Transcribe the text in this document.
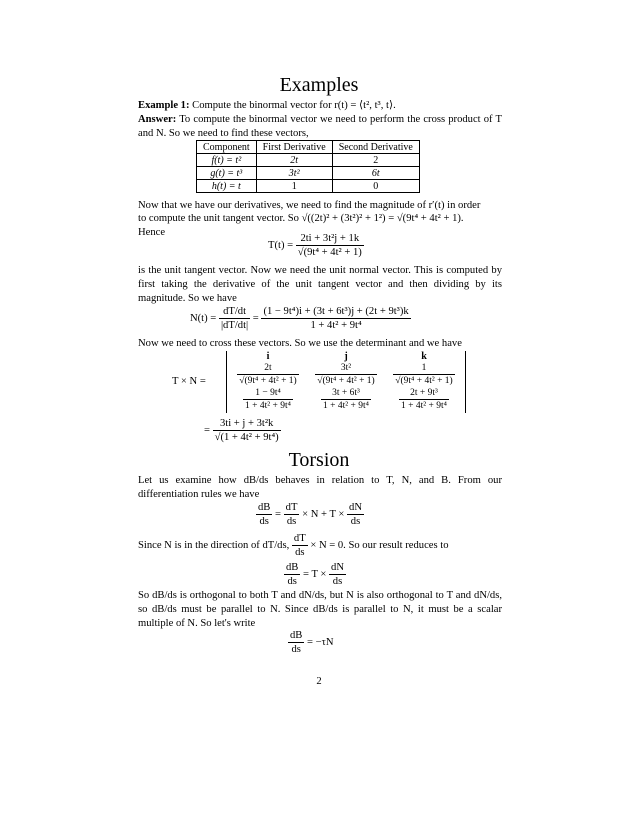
Examples
Example 1: Compute the binormal vector for r(t) = ⟨t², t³, t⟩.
Answer: To compute the binormal vector we need to perform the cross product of T and N. So we need to find these vectors,
Component	First Derivative	Second Derivative
f(t) = t²	2t	2
g(t) = t³	3t²	6t
h(t) = t	1	0
Now that we have our derivatives, we need to find the magnitude of r′(t) in order
to compute the unit tangent vector. So √((2t)² + (3t²)² + 1²) = √(9t⁴ + 4t² + 1).
Hence
$T(t) = \frac{\text{2ti + 3t²j + 1k}}{\text{√(9t⁴ + 4t² + 1)}}$
is the unit tangent vector. Now we need the unit normal vector. This is computed by first taking the derivative of the unit tangent vector and then dividing by its magnitude. So we have
$N(t) = \frac{dT/dt}{|dT/dt|} = \frac{\text{(1 − 9t⁴)i + (3t + 6t³)j + (2t + 9t³)k}}{\text{1 + 4t² + 9t⁴}}$
Now we need to cross these vectors. So we use the determinant and we have
T × N =
i	j	k
$\frac{2t}{\text{√(9t⁴ + 4t² + 1)}} \frac{\text{3t²}}{\text{√(9t⁴ + 4t² + 1)}} \frac{1}{\text{√(9t⁴ + 4t² + 1)}}$
$\frac{\text{1 − 9t⁴}}{\text{1 + 4t² + 9t⁴}}$	$\frac{\text{3t + 6t³}}{\text{1 + 4t² + 9t⁴}}$	$\frac{\text{2t + 9t³}}{\text{1 + 4t² + 9t⁴}}$
= $\frac{\text{3ti + j + 3t²k}}{\text{√(1 + 4t² + 9t⁴)}}$
Torsion
Let us examine how dB/ds behaves in relation to T, N, and B. From our differentiation rules we have
$\frac{dB}{ds} = \frac{dT}{ds} \times N + T \times \frac{dN}{ds}$
Since N is in the direction of dT/ds, $\frac{dT}{ds} \times N = 0$. So our result reduces to
$\frac{dB}{ds} = T \times \frac{dN}{ds}$
So dB/ds is orthogonal to both T and dN/ds, but N is also orthogonal to T and dN/ds, so dB/ds must be parallel to N. Since dB/ds is parallel to N, it must be a scalar multiple of N. So let's write
$\frac{dB}{ds} = -\tau N$
2
